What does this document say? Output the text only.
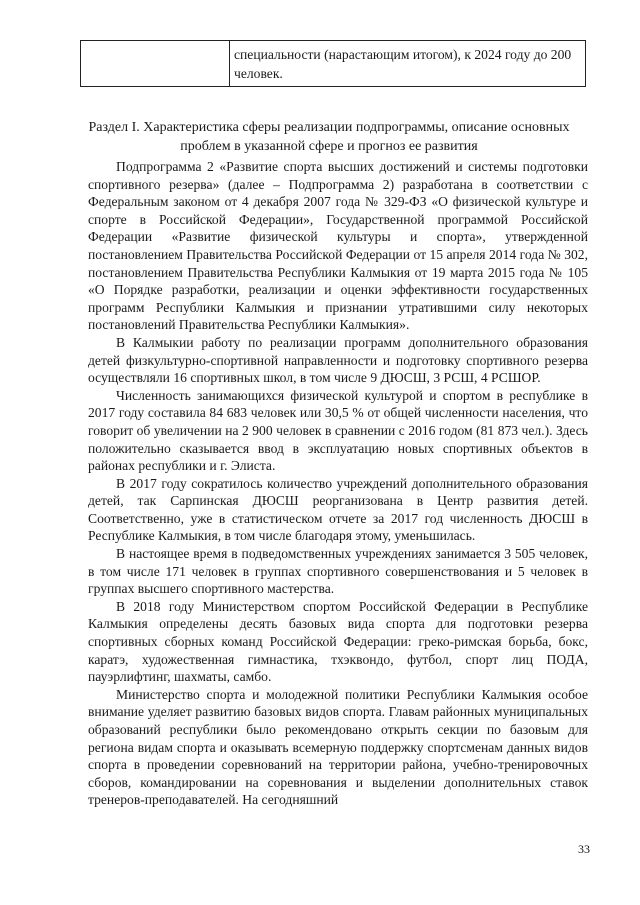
	специальности (нарастающим итогом), к 2024 году до 200 человек.
Раздел I. Характеристика сферы реализации подпрограммы, описание основных проблем в указанной сфере и прогноз ее развития

Подпрограмма 2 «Развитие спорта высших достижений и системы подготовки спортивного резерва» (далее – Подпрограмма 2) разработана в соответствии с Федеральным законом от 4 декабря 2007 года № 329-ФЗ «О физической культуре и спорте в Российской Федерации», Государственной программой Российской Федерации «Развитие физической культуры и спорта», утвержденной постановлением Правительства Российской Федерации от 15 апреля 2014 года № 302, постановлением Правительства Республики Калмыкия от 19 марта 2015 года № 105 «О Порядке разработки, реализации и оценки эффективности государственных программ Республики Калмыкия и признании утратившими силу некоторых постановлений Правительства Республики Калмыкия».

В Калмыкии работу по реализации программ дополнительного образования детей физкультурно-спортивной направленности и подготовку спортивного резерва осуществляли 16 спортивных школ, в том числе 9 ДЮСШ, 3 РСШ, 4 РСШОР.

Численность занимающихся физической культурой и спортом в республике в 2017 году составила 84 683 человек или 30,5 % от общей численности населения, что говорит об увеличении на 2 900 человек в сравнении с 2016 годом (81 873 чел.). Здесь положительно сказывается ввод в эксплуатацию новых спортивных объектов в районах республики и г. Элиста.

В 2017 году сократилось количество учреждений дополнительного образования детей, так Сарпинская ДЮСШ реорганизована в Центр развития детей. Соответственно, уже в статистическом отчете за 2017 год численность ДЮСШ в Республике Калмыкия, в том числе благодаря этому, уменьшилась.

В настоящее время в подведомственных учреждениях занимается 3 505 человек, в том числе 171 человек в группах спортивного совершенствования и 5 человек в группах высшего спортивного мастерства.

В 2018 году Министерством спортом Российской Федерации в Республике Калмыкия определены десять базовых вида спорта для подготовки резерва спортивных сборных команд Российской Федерации: греко-римская борьба, бокс, каратэ, художественная гимнастика, тхэквондо, футбол, спорт лиц ПОДА, пауэрлифтинг, шахматы, самбо.

Министерство спорта и молодежной политики Республики Калмыкия особое внимание уделяет развитию базовых видов спорта. Главам районных муниципальных образований республики было рекомендовано открыть секции по базовым для региона видам спорта и оказывать всемерную поддержку спортсменам данных видов спорта в проведении соревнований на территории района, учебно-тренировочных сборов, командировании на соревнования и выделении дополнительных ставок тренеров-преподавателей. На сегодняшний

33
